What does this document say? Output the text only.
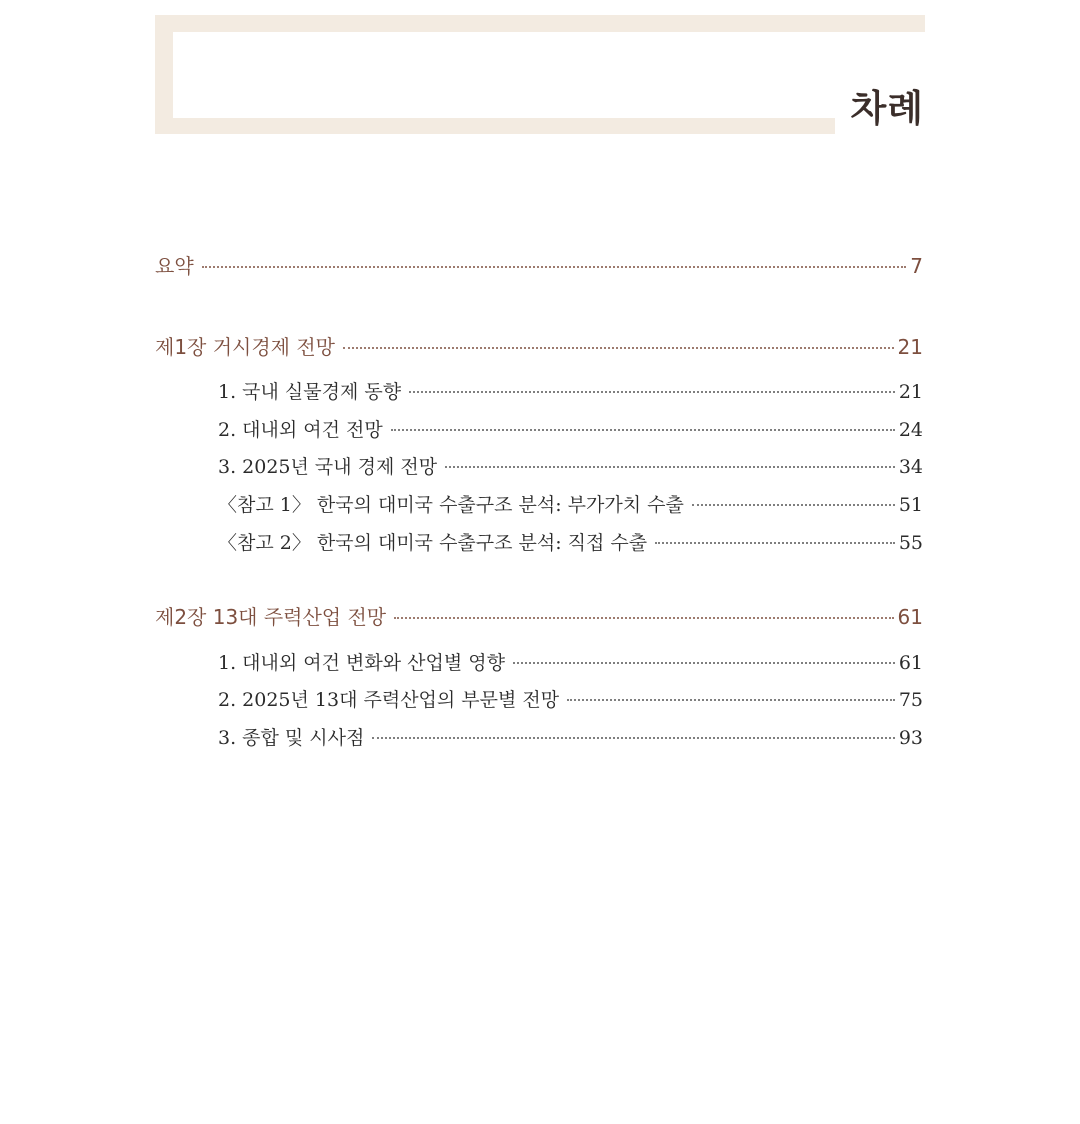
차례
요약	7
제1장 거시경제 전망	21
1. 국내 실물경제 동향	21
2. 대내외 여건 전망	24
3. 2025년 국내 경제 전망	34
〈참고 1〉 한국의 대미국 수출구조 분석: 부가가치 수출	51
〈참고 2〉 한국의 대미국 수출구조 분석: 직접 수출	55
제2장 13대 주력산업 전망	61
1. 대내외 여건 변화와 산업별 영향	61
2. 2025년 13대 주력산업의 부문별 전망	75
3. 종합 및 시사점	93
